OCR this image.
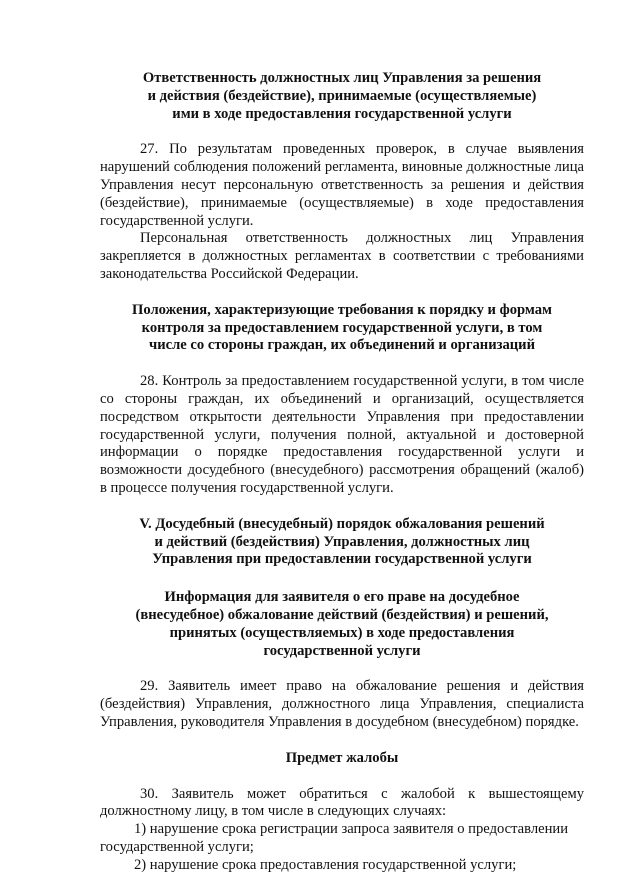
Ответственность должностных лиц Управления за решения
и действия (бездействие), принимаемые (осуществляемые)
ими в ходе предоставления государственной услуги

27. По результатам проведенных проверок, в случае выявления нарушений соблюдения положений регламента, виновные должностные лица Управления несут персональную ответственность за решения и действия (бездействие), принимаемые (осуществляемые) в ходе предоставления государственной услуги.

Персональная ответственность должностных лиц Управления закрепляется в должностных регламентах в соответствии с требованиями законодательства Российской Федерации.

Положения, характеризующие требования к порядку и формам
контроля за предоставлением государственной услуги, в том
числе со стороны граждан, их объединений и организаций

28. Контроль за предоставлением государственной услуги, в том числе со стороны граждан, их объединений и организаций, осуществляется посредством открытости деятельности Управления при предоставлении государственной услуги, получения полной, актуальной и достоверной информации о порядке предоставления государственной услуги и возможности досудебного (внесудебного) рассмотрения обращений (жалоб) в процессе получения государственной услуги.

V. Досудебный (внесудебный) порядок обжалования решений
и действий (бездействия) Управления, должностных лиц
Управления при предоставлении государственной услуги
Информация для заявителя о его праве на досудебное
(внесудебное) обжалование действий (бездействия) и решений,
принятых (осуществляемых) в ходе предоставления
государственной услуги

29. Заявитель имеет право на обжалование решения и действия (бездействия) Управления, должностного лица Управления, специалиста Управления, руководителя Управления в досудебном (внесудебном) порядке.

Предмет жалобы

30. Заявитель может обратиться с жалобой к вышестоящему должностному лицу, в том числе в следующих случаях:

1) нарушение срока регистрации запроса заявителя о предоставлении государственной услуги;

2) нарушение срока предоставления государственной услуги;
